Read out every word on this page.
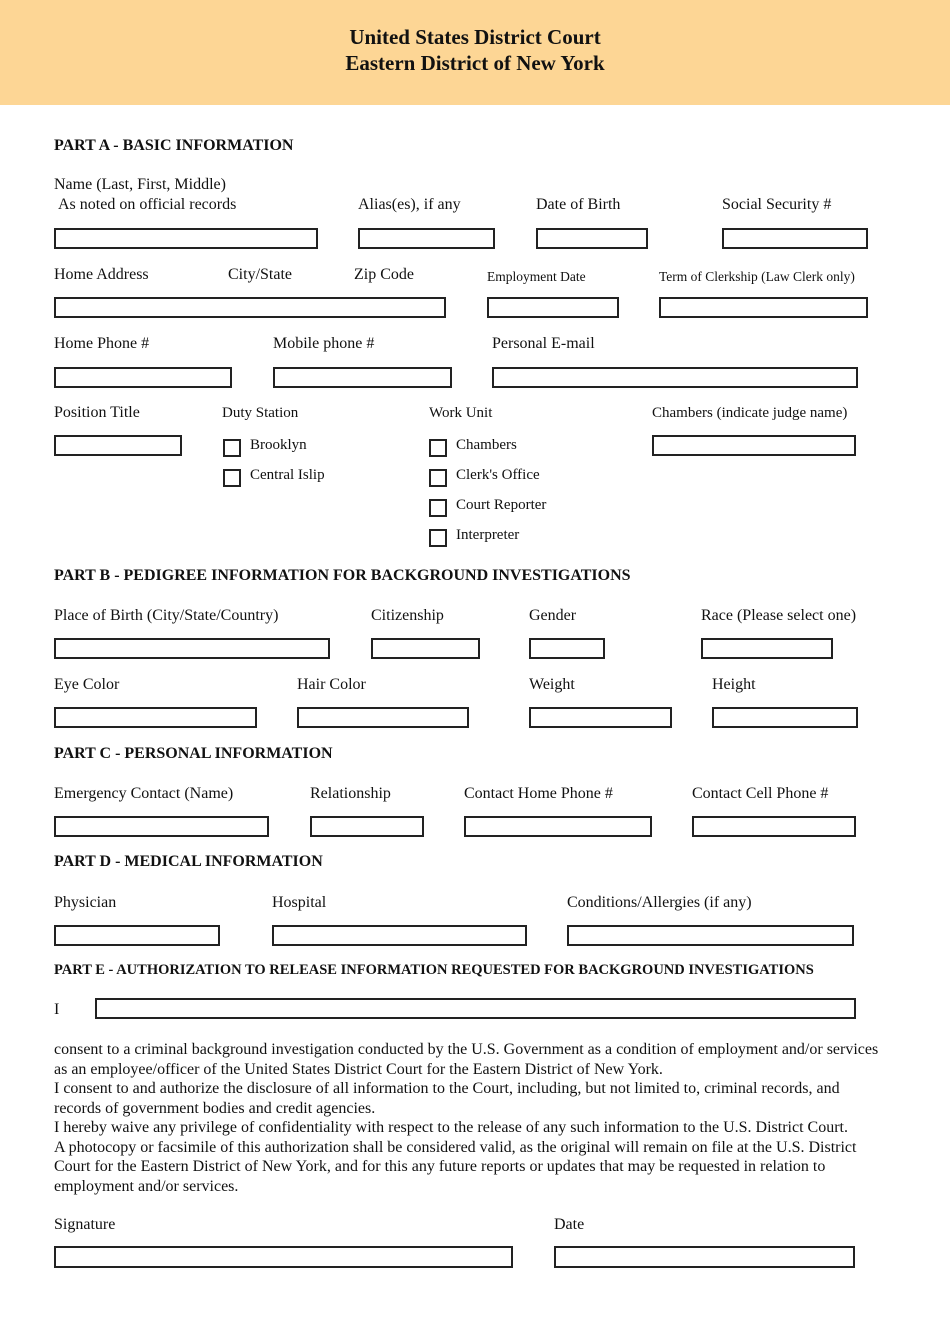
United States District Court
Eastern District of New York
PART A - BASIC INFORMATION
Name (Last, First, Middle)
As noted on official records	Alias(es), if any	Date of Birth	Social Security #
Home Address	City/State	Zip Code	Employment Date	Term of Clerkship (Law Clerk only)
Home Phone #	Mobile phone #	Personal E-mail
Position Title	Duty Station	Work Unit	Chambers (indicate judge name)
Brooklyn
Central Islip
Chambers
Clerk's Office
Court Reporter
Interpreter
PART B - PEDIGREE INFORMATION FOR BACKGROUND INVESTIGATIONS
Place of Birth (City/State/Country)	Citizenship	Gender	Race (Please select one)
Eye Color	Hair Color	Weight	Height
PART C - PERSONAL INFORMATION
Emergency Contact (Name)	Relationship	Contact Home Phone #	Contact Cell Phone #
PART D - MEDICAL INFORMATION
Physician	Hospital	Conditions/Allergies (if any)
PART E - AUTHORIZATION TO RELEASE INFORMATION REQUESTED FOR BACKGROUND INVESTIGATIONS
I

consent to a criminal background investigation conducted by the U.S. Government as a condition of employment and/or services as an employee/officer of the United States District Court for the Eastern District of New York.

I consent to and authorize the disclosure of all information to the Court, including, but not limited to, criminal records, and records of government bodies and credit agencies.

I hereby waive any privilege of confidentiality with respect to the release of any such information to the U.S. District Court.

A photocopy or facsimile of this authorization shall be considered valid, as the original will remain on file at the U.S. District Court for the Eastern District of New York, and for this any future reports or updates that may be requested in relation to employment and/or services.

Signature	Date
